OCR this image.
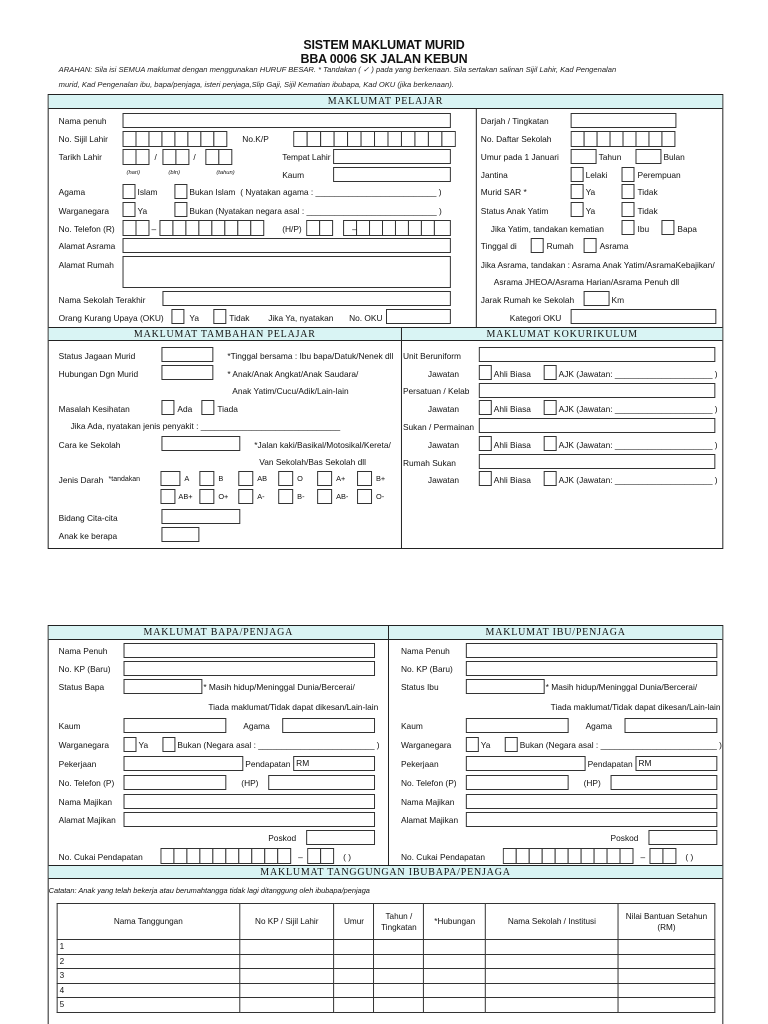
SISTEM MAKLUMAT MURID
BBA 0006 SK JALAN KEBUN
ARAHAN: Sila isi SEMUA maklumat dengan menggunakan HURUF BESAR. * Tandakan ( ✓ ) pada yang berkenaan. Sila sertakan salinan Sijil Lahir, Kad Pengenalan
murid, Kad Pengenalan ibu, bapa/penjaga, isteri penjaga,Slip Gaji, Sijil Kematian ibubapa, Kad OKU (jika berkenaan).
MAKLUMAT PELAJAR
MAKLUMAT TAMBAHAN PELAJAR	MAKLUMAT KOKURIKULUM
Nama penuh
No. Sijil Lahir	No.K/P
Tarikh Lahir	/	/
(hari)	(bln)	(tahun)
Tempat Lahir
Kaum
Agama	Islam	Bukan Islam ( Nyatakan agama : __________________________ )
Warganegara	Ya	Bukan (Nyatakan negara asal : ____________________________ )
No. Telefon (R)	–	(H/P)	–
Alamat Asrama
Alamat Rumah
Nama Sekolah Terakhir
Orang Kurang Upaya (OKU)	Ya	Tidak Jika Ya, nyatakan No. OKU
Darjah / Tingkatan
No. Daftar Sekolah
Umur pada 1 Januari	Tahun	Bulan
Jantina	Lelaki	Perempuan
Murid SAR *	Ya	Tidak
Status Anak Yatim	Ya	Tidak
Jika Yatim, tandakan kematian	Ibu	Bapa
Tinggal di	Rumah	Asrama
Jika Asrama, tandakan : Asrama Anak Yatim/AsramaKebajikan/
Asrama JHEOA/Asrama Harian/Asrama Penuh dll
Jarak Rumah ke Sekolah	Km
Kategori OKU
Status Jagaan Murid	*Tinggal bersama : Ibu bapa/Datuk/Nenek dll
Hubungan Dgn Murid	* Anak/Anak Angkat/Anak Saudara/
Anak Yatim/Cucu/Adik/Lain-lain
Masalah Kesihatan	Ada	Tiada
Jika Ada, nyatakan jenis penyakit : ______________________________
Cara ke Sekolah	*Jalan kaki/Basikal/Motosikal/Kereta/
Van Sekolah/Bas Sekolah dll
Jenis Darah *tandakan	A	B	AB	O	A+	B+
AB+	O+	A-	B-	AB-	O-
Bidang Cita-cita
Anak ke berapa
Unit Beruniform
Jawatan	Ahli Biasa	AJK (Jawatan: _____________________ )
Persatuan / Kelab
Jawatan	Ahli Biasa	AJK (Jawatan: _____________________ )
Sukan / Permainan
Jawatan	Ahli Biasa	AJK (Jawatan: _____________________ )
Rumah Sukan
Jawatan	Ahli Biasa	AJK (Jawatan: _____________________ )
MAKLUMAT BAPA/PENJAGA	MAKLUMAT IBU/PENJAGA
Nama Penuh
No. KP (Baru)
Status Bapa	* Masih hidup/Meninggal Dunia/Bercerai/
Tiada maklumat/Tidak dapat dikesan/Lain-lain
Kaum	Agama
Warganegara	Ya	Bukan (Negara asal : _________________________ )
Pekerjaan	Pendapatan RM
No. Telefon (P)	(HP)
Nama Majikan
Alamat Majikan
Poskod
No. Cukai Pendapatan	–	( )
Nama Penuh
No. KP (Baru)
Status Ibu	* Masih hidup/Meninggal Dunia/Bercerai/
Tiada maklumat/Tidak dapat dikesan/Lain-lain
Kaum	Agama
Warganegara	Ya	Bukan (Negara asal : _________________________ )
Pekerjaan	Pendapatan RM
No. Telefon (P)	(HP)
Nama Majikan
Alamat Majikan
Poskod
No. Cukai Pendapatan	–	( )
MAKLUMAT TANGGUNGAN IBUBAPA/PENJAGA
Catatan: Anak yang telah bekerja atau berumahtangga tidak lagi ditanggung oleh ibubapa/penjaga
Nama Tanggungan	No KP / Sijil Lahir	Umur	Tahun / Tingkatan	*Hubungan	Nama Sekolah / Institusi	Nilai Bantuan Setahun (RM)
1						
2						
3						
4						
5						
